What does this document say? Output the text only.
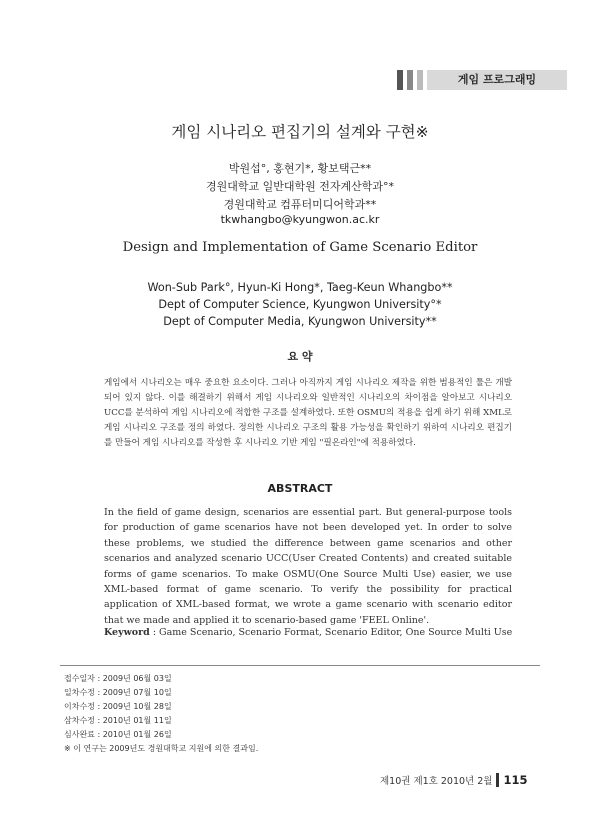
게임 프로그래밍
게임 시나리오 편집기의 설계와 구현※
박원섭°, 홍현기*, 황보택근**
경원대학교 일반대학원 전자계산학과°*
경원대학교 컴퓨터미디어학과**
tkwhangbo@kyungwon.ac.kr
Design and Implementation of Game Scenario Editor
Won-Sub Park°, Hyun-Ki Hong*, Taeg-Keun Whangbo**
Dept of Computer Science, Kyungwon University°*
Dept of Computer Media, Kyungwon University**
요 약
게임에서 시나리오는 매우 중요한 요소이다. 그러나 아직까지 게임 시나리오 제작을 위한 범용적인 툴은 개발되어 있지 않다. 이를 해결하기 위해서 게임 시나리오와 일반적인 시나리오의 차이점을 알아보고 시나리오 UCC를 분석하여 게임 시나리오에 적합한 구조를 설계하였다. 또한 OSMU의 적용을 쉽게 하기 위해 XML로 게임 시나리오 구조를 정의 하였다. 정의한 시나리오 구조의 활용 가능성을 확인하기 위하여 시나리오 편집기를 만들어 게임 시나리오를 작성한 후 시나리오 기반 게임 "필온라인"에 적용하였다.
ABSTRACT
In the field of game design, scenarios are essential part. But general-purpose tools for production of game scenarios have not been developed yet. In order to solve these problems, we studied the difference between game scenarios and other scenarios and analyzed scenario UCC(User Created Contents) and created suitable forms of game scenarios. To make OSMU(One Source Multi Use) easier, we use XML-based format of game scenario. To verify the possibility for practical application of XML-based format, we wrote a game scenario with scenario editor that we made and applied it to scenario-based game 'FEEL Online'.
Keyword : Game Scenario, Scenario Format, Scenario Editor, One Source Multi Use
접수일자 : 2009년 06월 03일
일차수정 : 2009년 07월 10일
이차수정 : 2009년 10월 28일
삼차수정 : 2010년 01월 11일
심사완료 : 2010년 01월 26일
※ 이 연구는 2009년도 경원대학교 지원에 의한 결과임.
제10권 제1호 2010년 2월 115
